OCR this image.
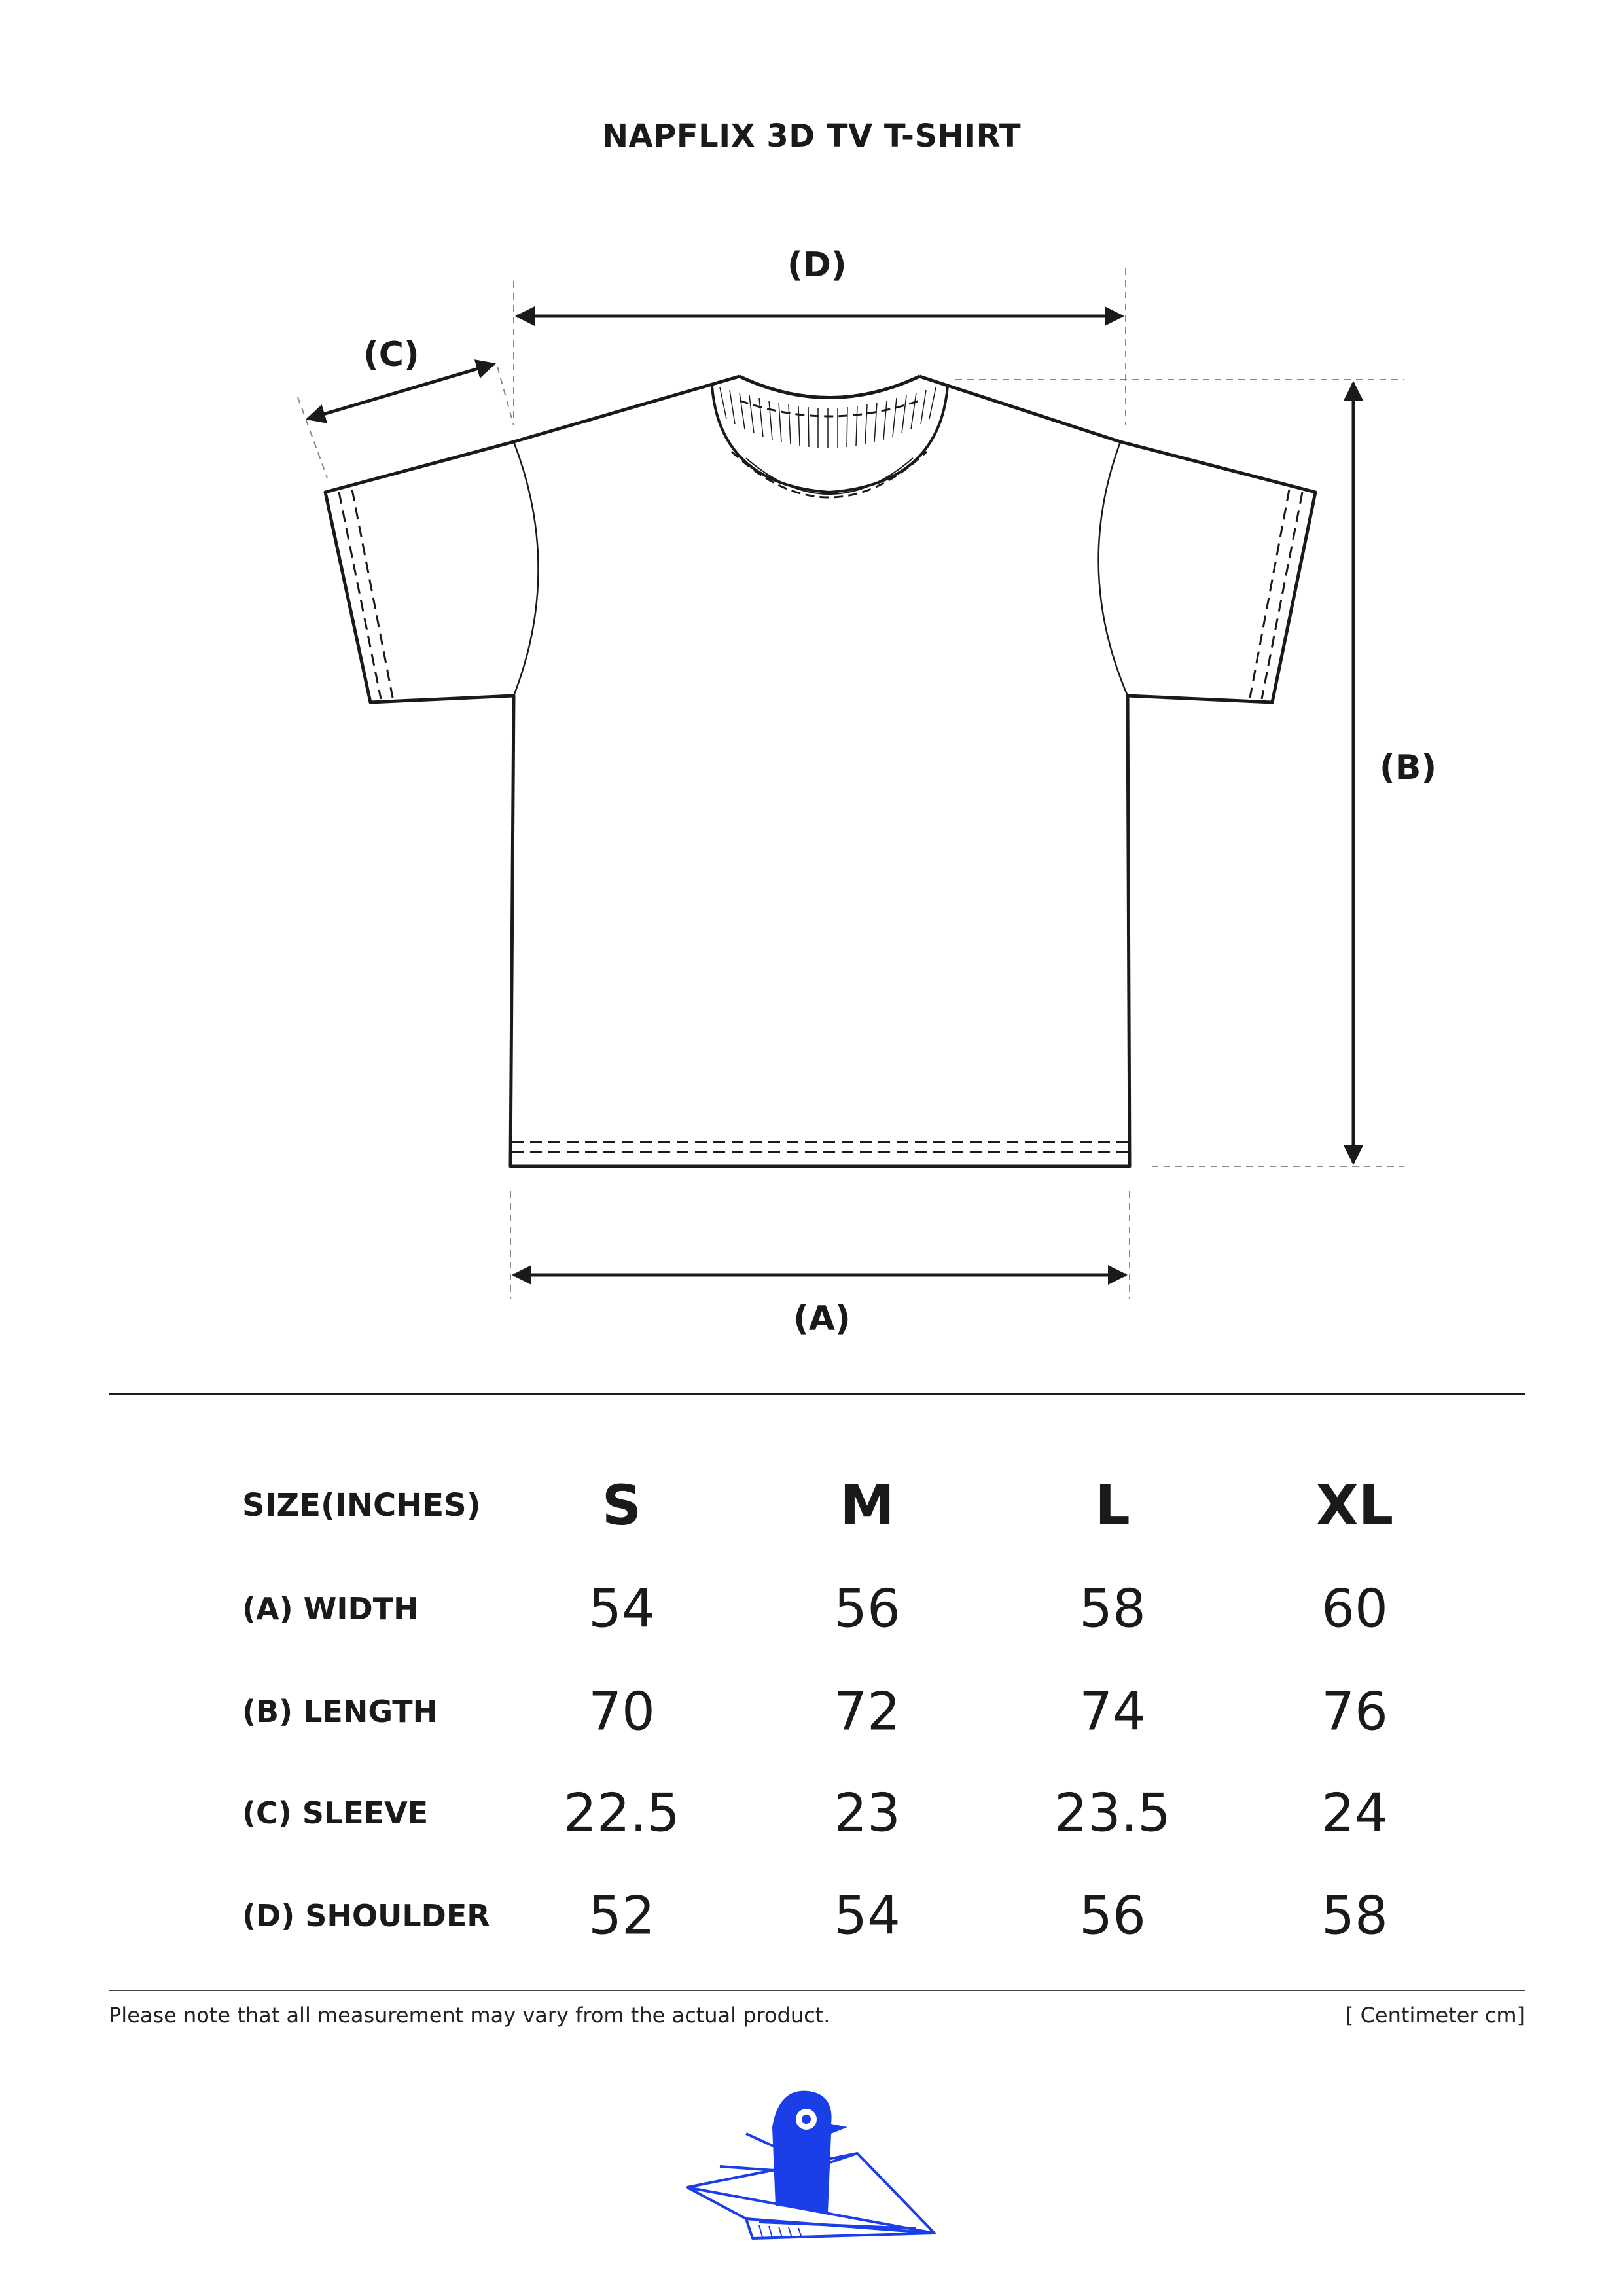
NAPFLIX 3D TV T-SHIRT
(D)
(C)
(B)
(A)
SIZE(INCHES)	S	M	L	XL
(A) WIDTH	54	56	58	60
(B) LENGTH	70	72	74	76
(C) SLEEVE	22.5	23	23.5	24
(D) SHOULDER	52	54	56	58
Please note that all measurement may vary from the actual product.	[ Centimeter cm]
